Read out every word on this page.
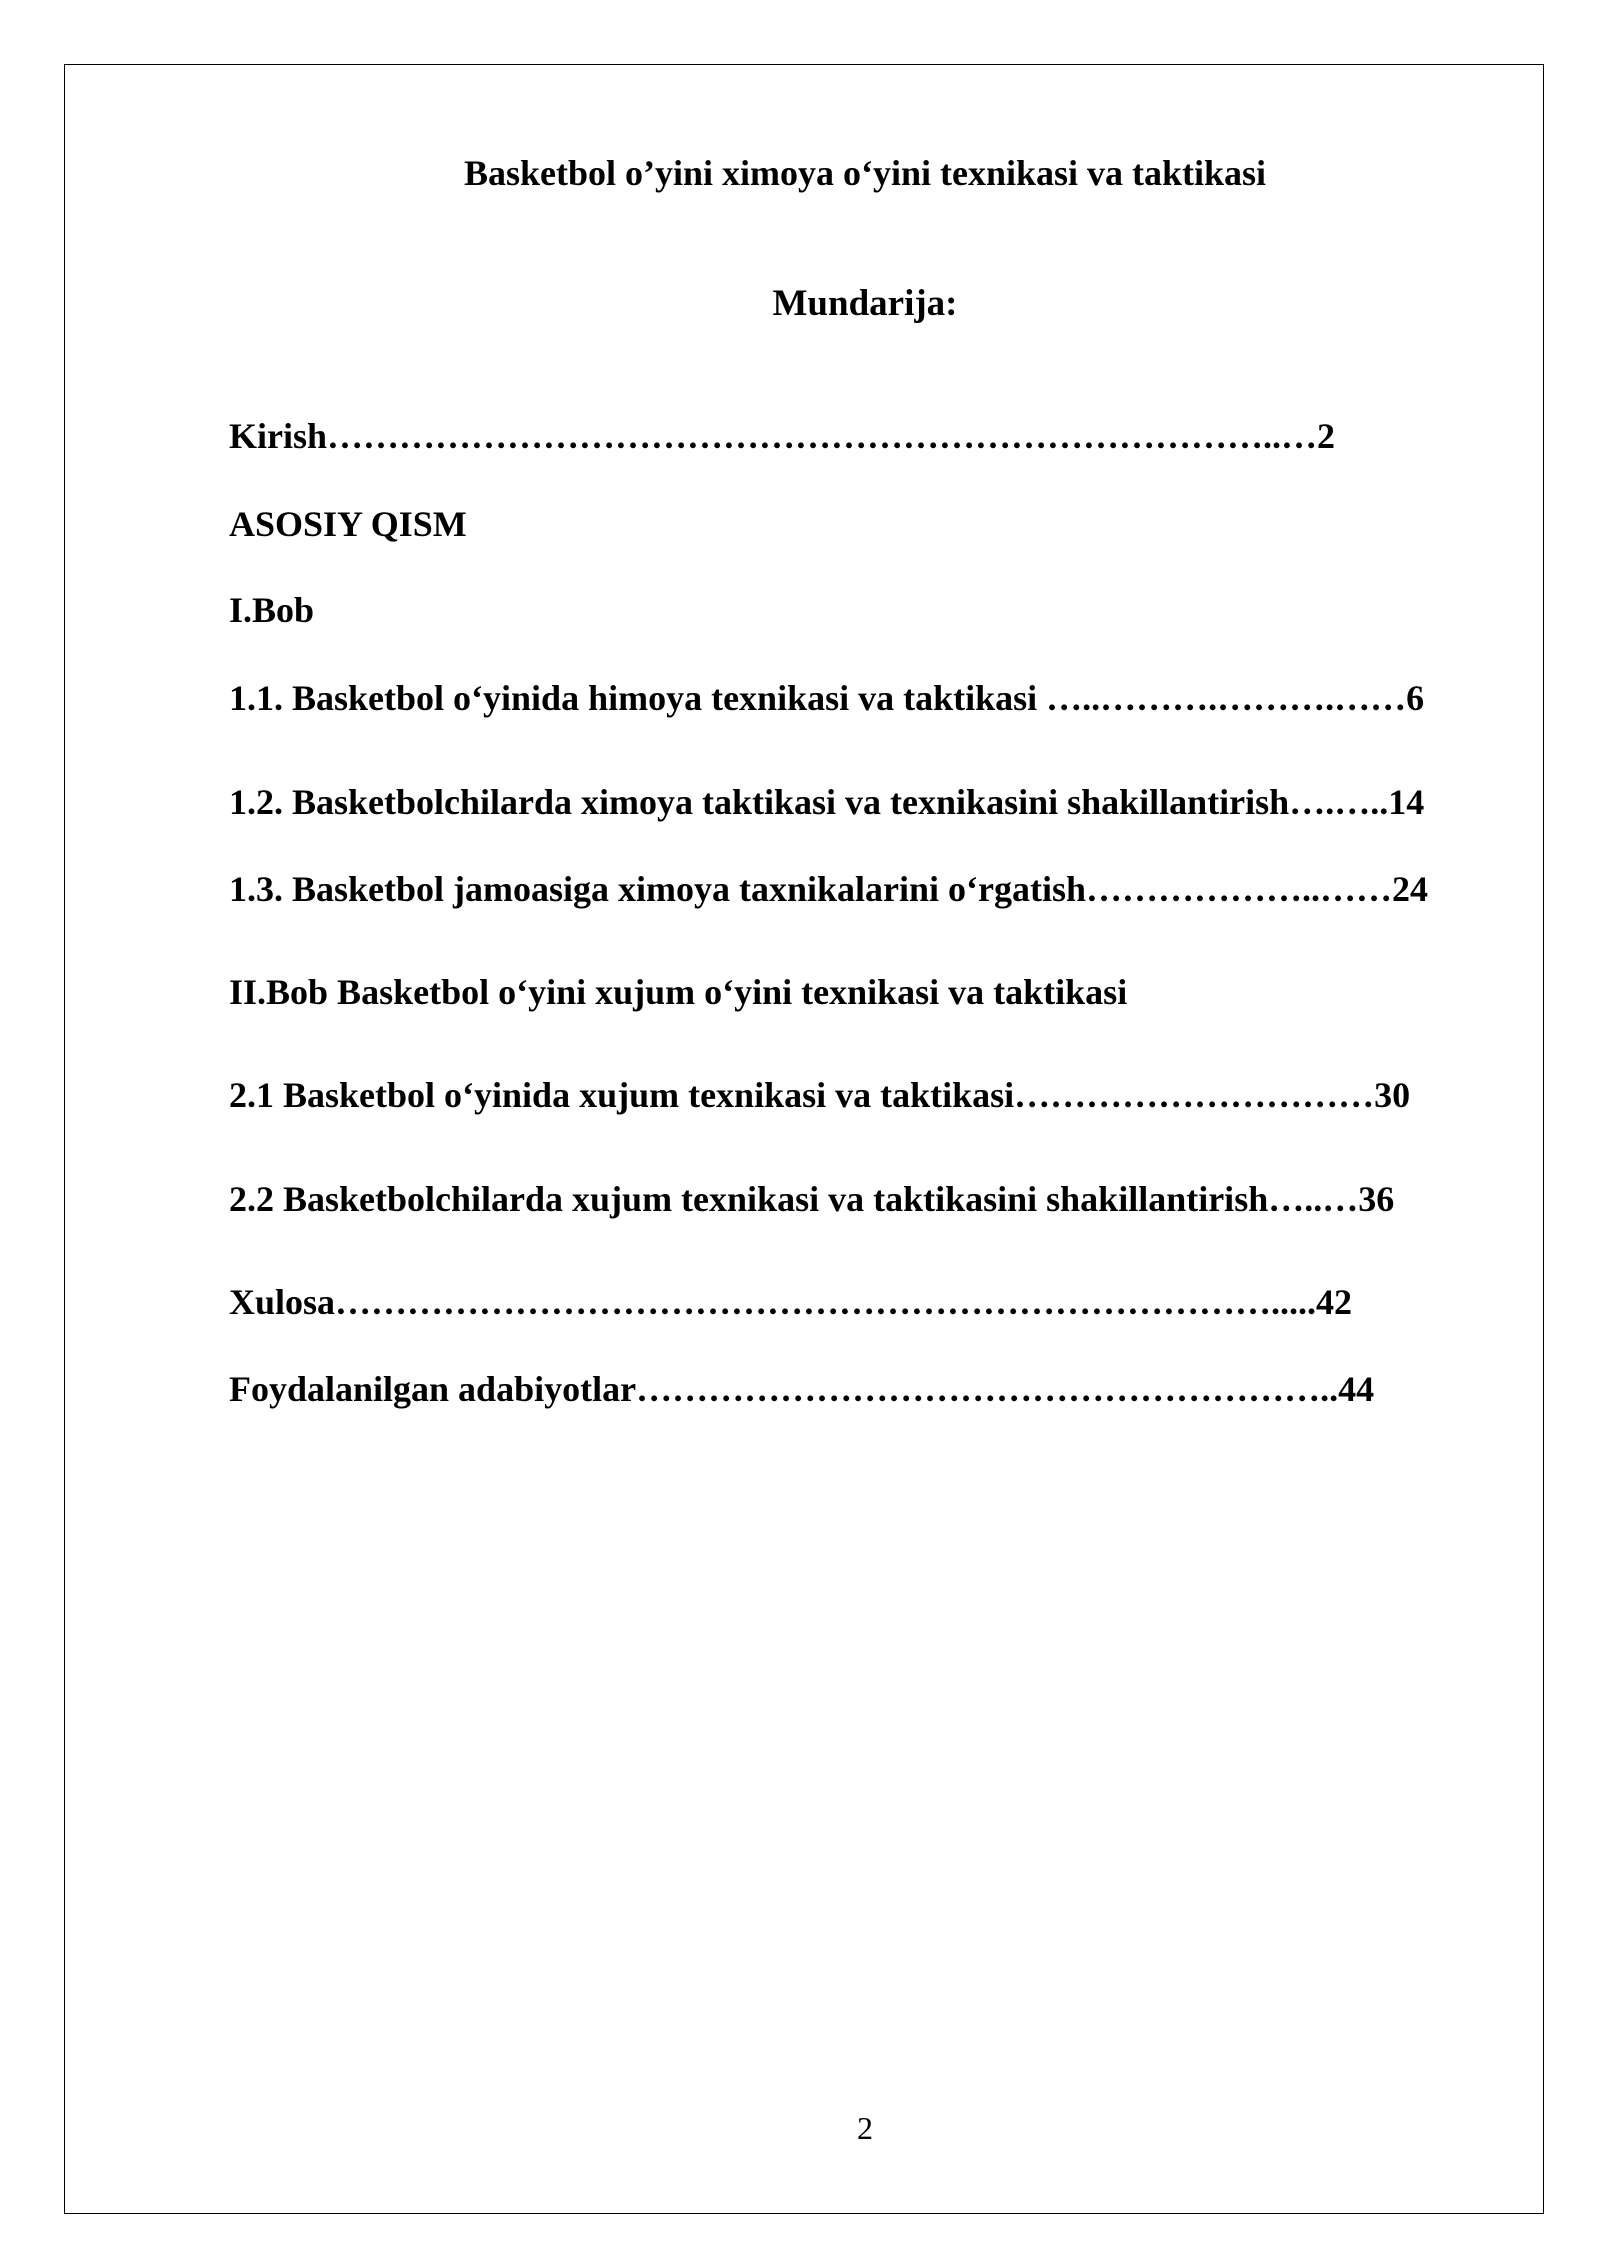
Basketbol o’yini ximoya o‘yini texnikasi va taktikasi
Mundarija:
Kirish……………………………………………………………………..…2
ASOSIY QISM
I.Bob
1.1. Basketbol o‘yinida himoya texnikasi va taktikasi …..……….……….……6
1.2. Basketbolchilarda ximoya taktikasi va texnikasini shakillantirish….…..14
1.3. Basketbol jamoasiga ximoya taxnikalarini o‘rgatish………………..……24
II.Bob Basketbol o‘yini xujum o‘yini texnikasi va taktikasi
2.1 Basketbol o‘yinida xujum texnikasi va taktikasi…………………………30
2.2 Basketbolchilarda xujum texnikasi va taktikasini shakillantirish…..…36
Xulosa…………………………………………………………………….....42
Foydalanilgan adabiyotlar…………………………………………………..44
2
